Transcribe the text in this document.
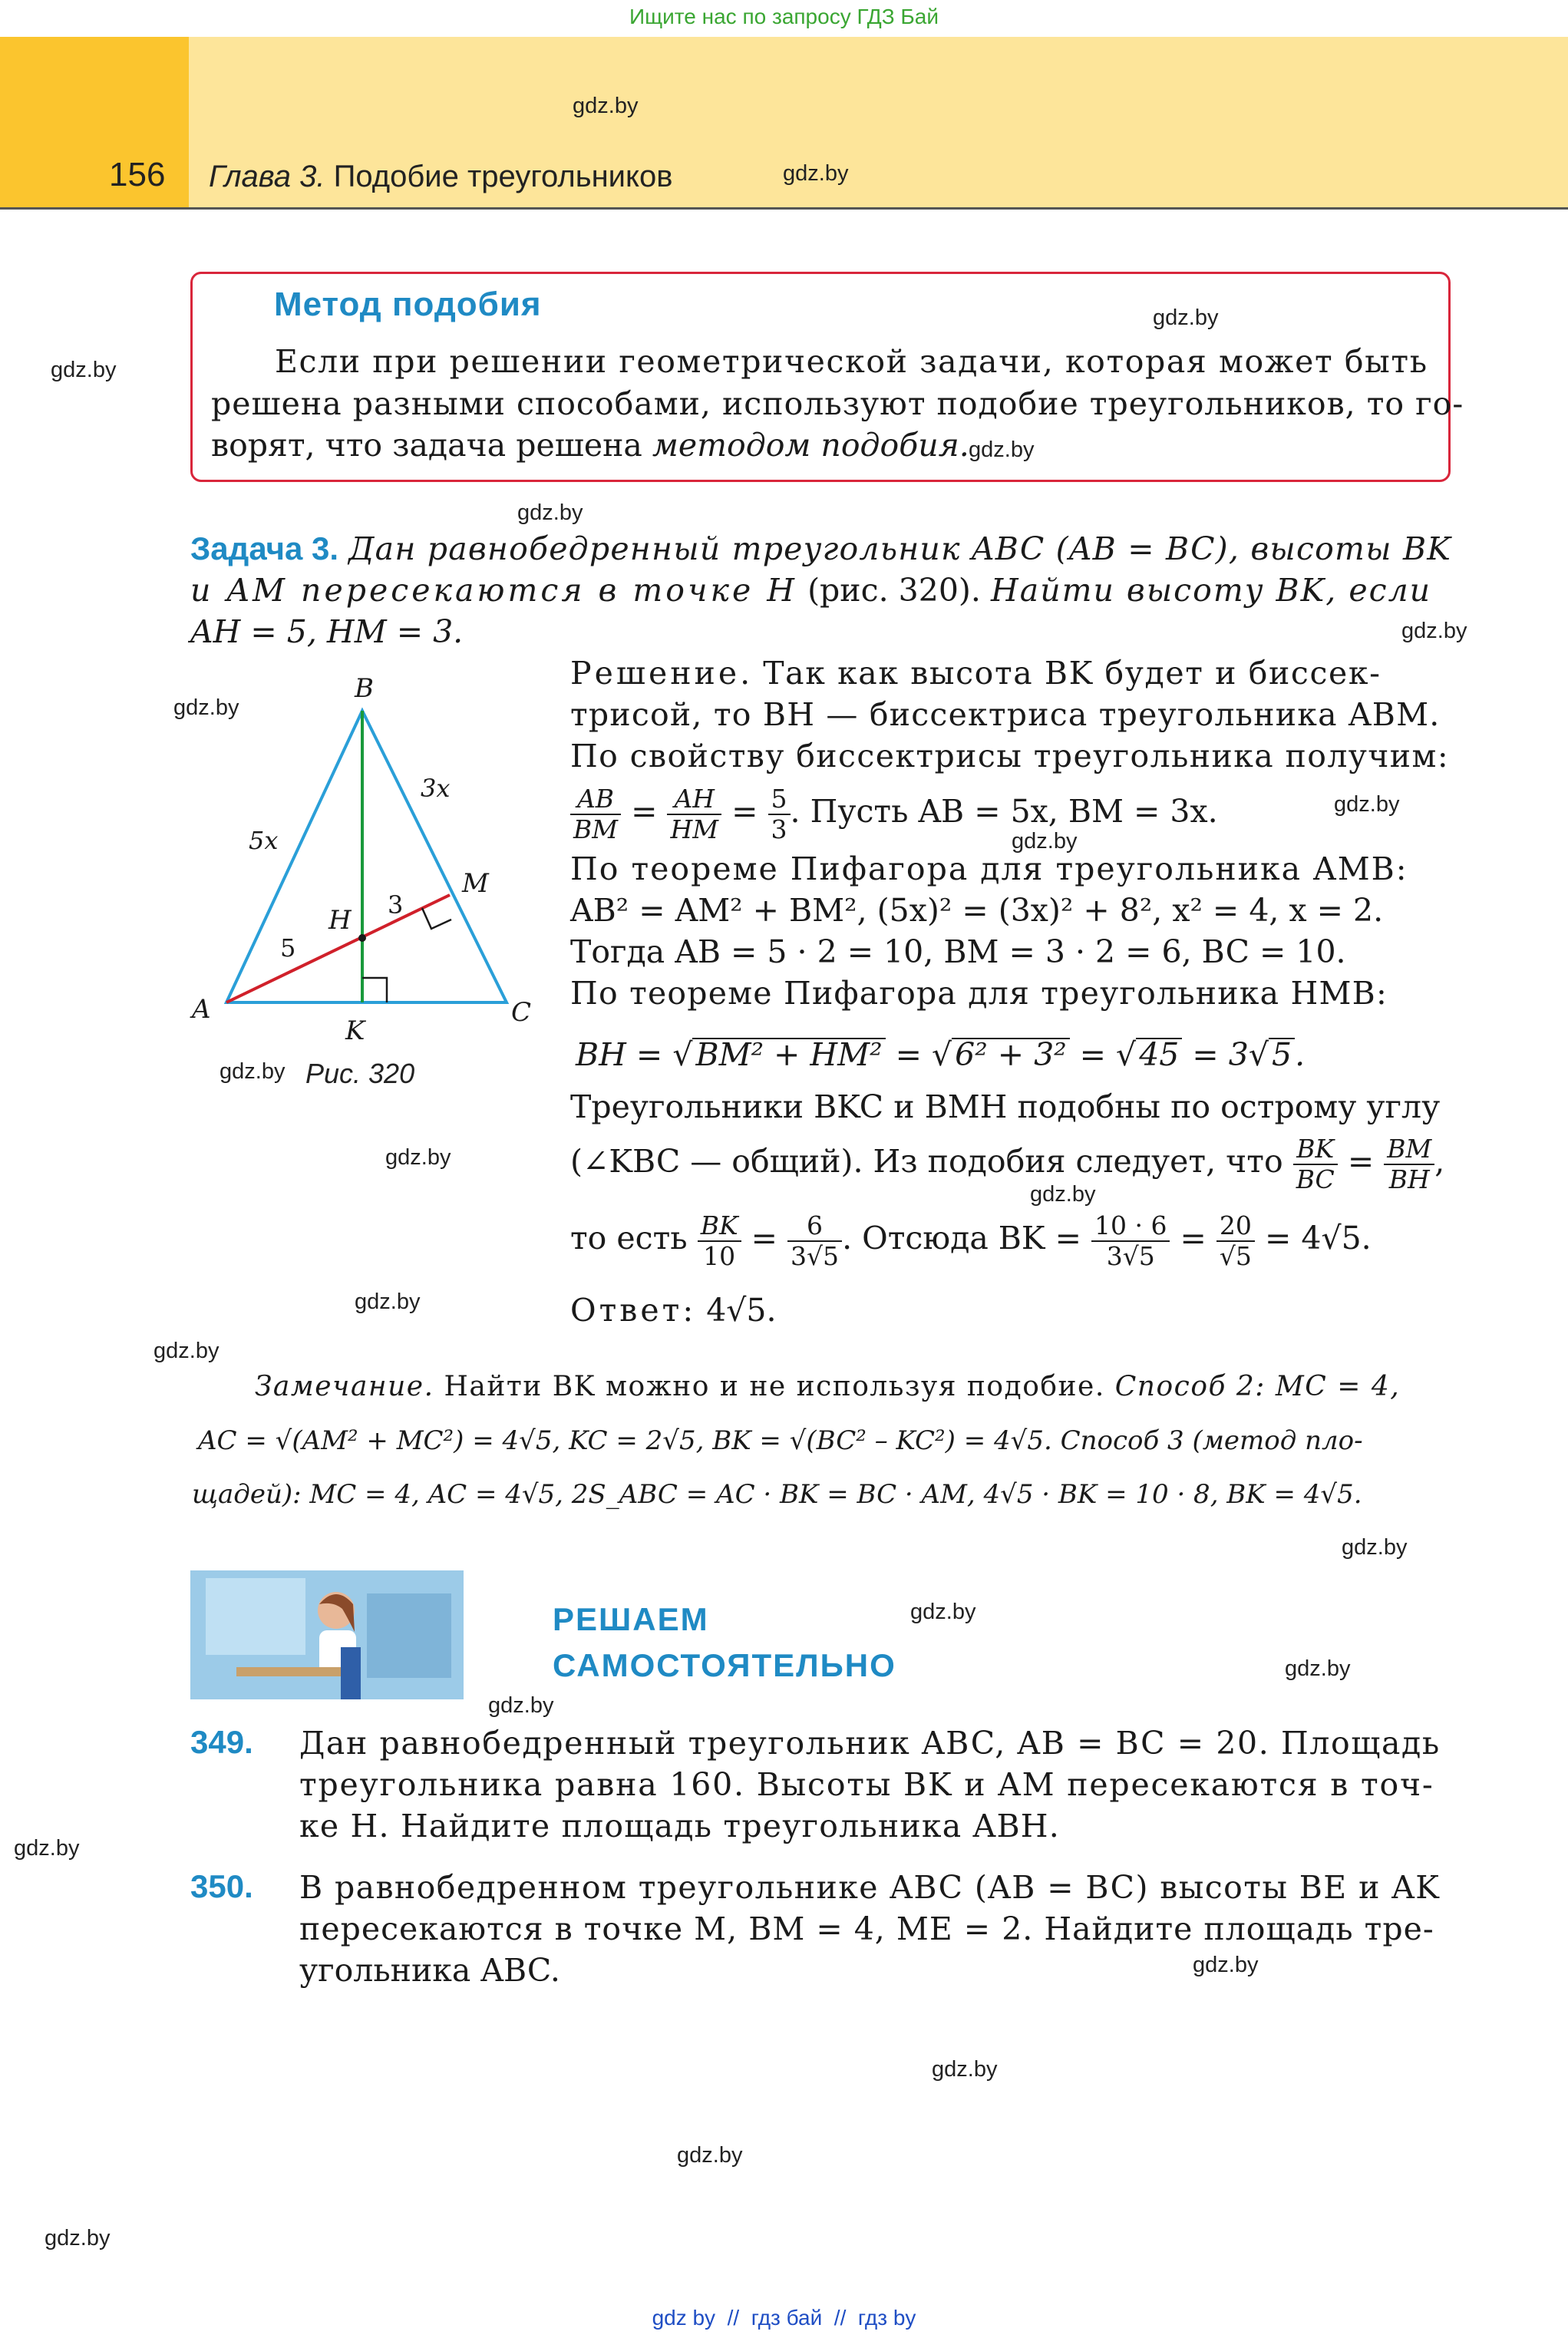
Ищите нас по запросу ГДЗ Бай
156 Глава 3. Подобие треугольников
Метод подобия
Если при решении геометрической задачи, которая может быть
решена разными способами, используют подобие треугольников, то го-
ворят, что задача решена методом подобия.
Задача 3. Дан равнобедренный треугольник ABC (AB = BC), высоты BK
и AM пересекаются в точке H (рис. 320). Найти высоту BK, если
AH = 5, HM = 3.
B
A	C
K
M
H
5x
3x
3
5
Рис. 320
Решение. Так как высота BK будет и биссек-
трисой, то BH — биссектриса треугольника ABM.
По свойству биссектрисы треугольника получим:
$\frac{AB}{BM} = \frac{AH}{HM} = \frac{5}{3}$ . Пусть AB = 5x, BM = 3x.
По теореме Пифагора для треугольника AMB:
AB² = AM² + BM², (5x)² = (3x)² + 8², x² = 4, x = 2.
Тогда AB = 5 · 2 = 10, BM = 3 · 2 = 6, BC = 10.
По теореме Пифагора для треугольника HMB:
BH = √BM² + HM² = √6² + 3² = √45 = 3√5.
Треугольники BKC и BMH подобны по острому углу
(∠KBC — общий). Из подобия следует, что $\frac{BK}{BC} = \frac{BM}{BH}$ ,
то есть $\frac{BK}{10} = \frac{6}{3√5}$ . Отсюда BK = $\frac{10 \cdot 6}{3√5} = \frac{20}{√5} = 4√5$.
Ответ: 4√5.
Замечание. Найти BK можно и не используя подобие. Способ 2: MC = 4,
AC = √(AM² + MC²) = 4√5, KC = 2√5, BK = √(BC² – KC²) = 4√5. Способ 3 (метод пло-
щадей): MC = 4, AC = 4√5, 2S_ABC = AC · BK = BC · AM, 4√5 · BK = 10 · 8, BK = 4√5.
РЕШАЕМ
САМОСТОЯТЕЛЬНО
349. Дан равнобедренный треугольник ABC, AB = BC = 20. Площадь
треугольника равна 160. Высоты BK и AM пересекаются в точ-
ке H. Найдите площадь треугольника ABH.
350. В равнобедренном треугольнике ABC (AB = BC) высоты BE и AK
пересекаются в точке M, BM = 4, ME = 2. Найдите площадь тре-
угольника ABC.
gdz.by
gdz.by
gdz.by
gdz.by
gdz.by
gdz.by
gdz.by
gdz.by
gdz.by
gdz.by
gdz.by
gdz.by
gdz.by
gdz.by
gdz.by
gdz.by
gdz.by
gdz.by
gdz.by
gdz.by
gdz.by
gdz.by
gdz.by
gdz.by
gdz by  //  гдз бай  //  гдз by
